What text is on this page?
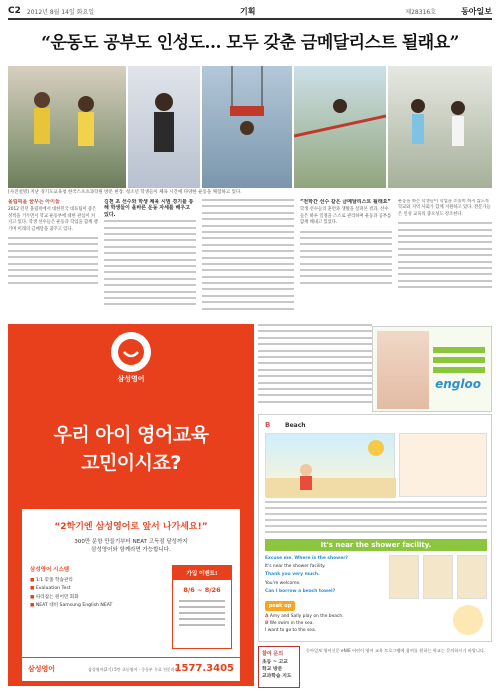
C2 2012년 8월 14일 화요일	기획	제28316호	동아일보
“운동도 공부도 인성도… 모두 갖춘 금메달리스트 될래요”
[사진설명] 지난 경기도교육청 한국스포츠과학원 방문 현장. 청소년 학생들이 체육 시간에 다양한 운동을 체험하고 있다.
올림픽을 꿈꾸는 아이들
2012 런던 올림픽에서 대한민국 대표팀이 좋은 성적을 거두면서 학교 운동부에 대한 관심이 커지고 있다. 학생 선수들은 운동과 학업을 함께 챙기며 미래의 금메달을 꿈꾸고 있다.
김천 초 선수와 학생 체육 시범 경기를 통해 학생들이 올바른 운동 자세를 배우고 있다.
“전학간 선수 같은 금메달리스트 될래요”
학생 선수들의 훈련과 생활을 살펴본 결과, 선수들은 하루 일정을 스스로 관리하며 운동과 공부를 함께 해내고 있었다.
운동을 하는 학생들이 학업을 소홀히 하지 않도록 학교와 지역 사회가 함께 지원하고 있다. 전문가들은 인성 교육의 중요성도 강조한다.
삼성영어
우리 아이 영어교육
고민이시죠?
“2학기엔 삼성영어로 앞서 나가세요!”
300만 문항 만들기부터 NEAT 고득점 달성까지
삼성영어와 함께라면 가능합니다.
삼성영어 시스템
■ 1:1 맞춤 학습관리
■ Evaluation Test
■ 따라잡는 원어민 회화
■ NEAT 대비 Samsung English NEAT
가입 이벤트!
8/6 ~ 8/26
삼성영어	삼성영어(2기) 5만 초등영어 · 중등부 무료 전문과정
1577.3405
engloo
B Beach
It's near the shower facility.
Excuse me. Where is the shower?
It's near the shower facility.
Thank you very much.
You're welcome.
Can I borrow a beach towel?
peak up
A Amy and Sally play on the beach.
B We swim in the sea.
I want to go to the sea.
참여 문의
초등 ~ 고교
학교 방문
교과학습 지도
동아일보 영어신문 eNIE 어린이 영어 교육 프로그램에 참여를 원하는 학교는 문의하시기 바랍니다.
